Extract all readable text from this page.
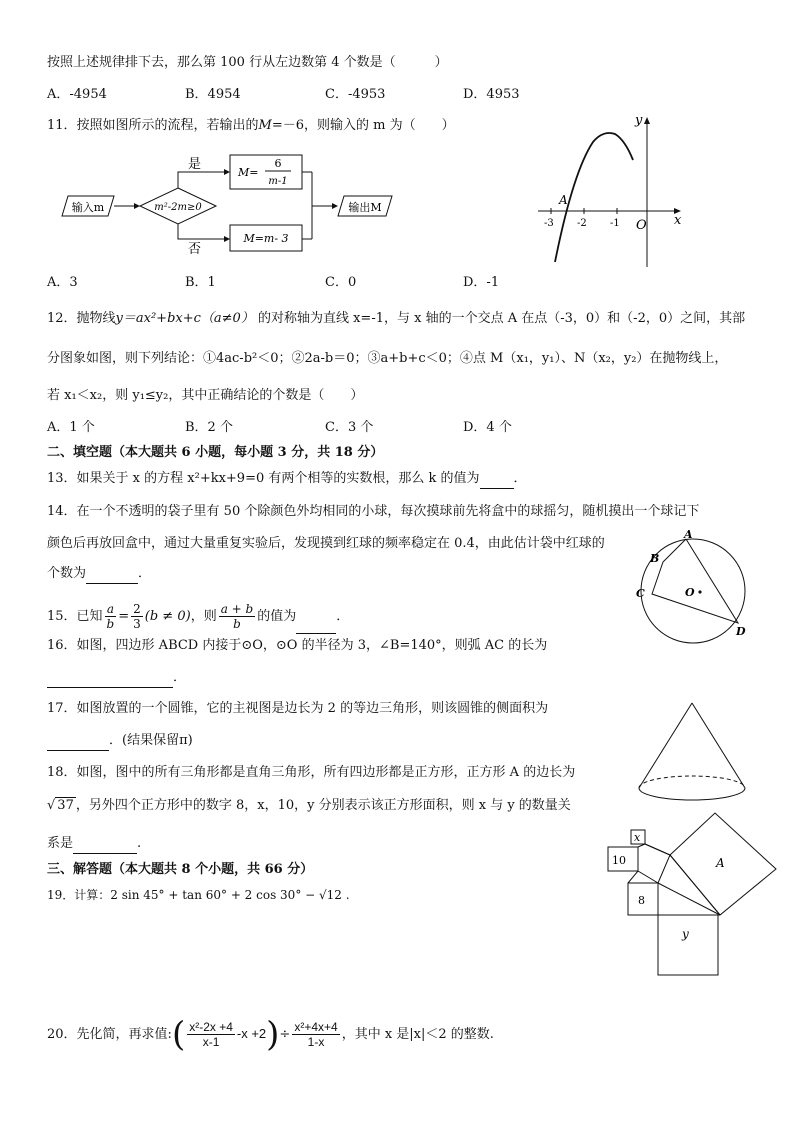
按照上述规律排下去，那么第 100 行从左边数第 4 个数是（　　　）
A．-4954	B．4954	C．-4953	D．4953
11．按照如图所示的流程，若输出的M=－6，则输入的 m 为（　　）
输入m	m²-2m≥0
是
M=
6
m-1
否
M=m- 3
输出M
y
x
O
-3 -2 -1
A
A．3	B．1	C．0	D．-1
12．抛物线y＝ax²+bx+c（a≠0） 的对称轴为直线 x=-1，与 x 轴的一个交点 A 在点（-3，0）和（-2，0）之间，其部
分图象如图，则下列结论：①4ac-b²＜0；②2a-b＝0；③a+b+c＜0；④点 M（x₁，y₁）、N（x₂，y₂）在抛物线上，
若 x₁＜x₂，则 y₁≤y₂，其中正确结论的个数是（　　）
A．1 个	B．2 个	C．3 个	D．4 个
二、填空题（本大题共 6 小题，每小题 3 分，共 18 分）
13．如果关于 x 的方程 x²+kx+9=0 有两个相等的实数根，那么 k 的值为	．
14．在一个不透明的袋子里有 50 个除颜色外均相同的小球，每次摸球前先将盒中的球摇匀，随机摸出一个球记下
颜色后再放回盒中，通过大量重复实验后，发现摸到红球的频率稳定在 0.4，由此估计袋中红球的
个数为	．
A
B
C
D
O
15．已知 $\frac{a}{b} = \frac{2}{3} (b \ne 0)$，则 $\frac{a + b}{b}$ 的值为	．
16．如图，四边形 ABCD 内接于⊙O，⊙O 的半径为 3，∠B=140°，则弧 AC 的长为
．
17．如图放置的一个圆锥，它的主视图是边长为 2 的等边三角形，则该圆锥的侧面积为
．(结果保留π)
18．如图，图中的所有三角形都是直角三角形，所有四边形都是正方形，正方形 A 的边长为
√ 37 ，另外四个正方形中的数字 8，x，10，y 分别表示该正方形面积，则 x 与 y 的数量关
系是	.	x
10
8
y
A
三、解答题（本大题共 8 个小题，共 66 分）
19．计算：2 sin 45° + tan 60° + 2 cos 30° − √12 .
20．先化简，再求值:( $\frac{\text{x²-2x +4}}{x-1} -x +2)\div \frac{\text{x²+4x+4}}{1-x}$ ，其中 x 是|x|＜2 的整数.
